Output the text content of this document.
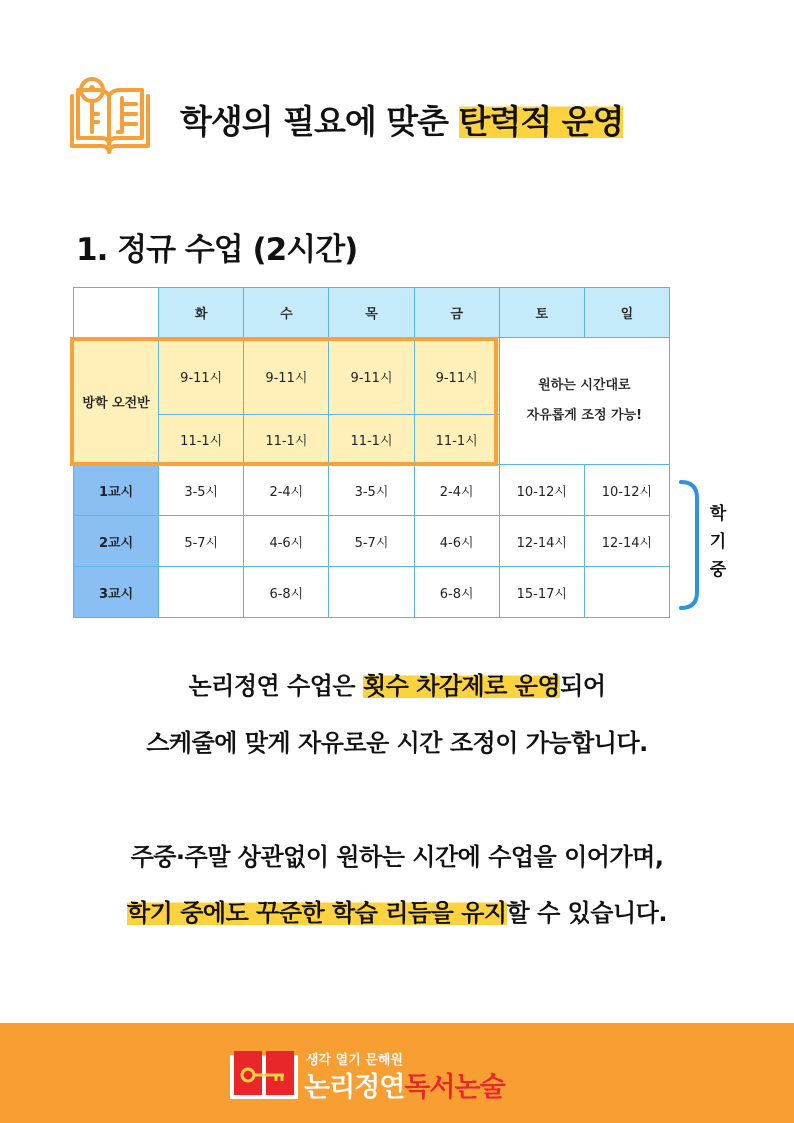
학생의 필요에 맞춘 탄력적 운영
1. 정규 수업 (2시간)
	화	수	목	금	토	일
방학 오전반	9-11시	9-11시	9-11시	9-11시	원하는 시간대로
자유롭게 조정 가능!	

	11-1시	11-1시	11-1시	11-1시		
1교시	3-5시	2-4시	3-5시	2-4시	10-12시	10-12시
2교시	5-7시	4-6시	5-7시	4-6시	12-14시	12-14시
3교시		6-8시		6-8시	15-17시	
학
기
중
논리정연 수업은 횟수 차감제로 운영되어
스케줄에 맞게 자유로운 시간 조정이 가능합니다.
주중·주말 상관없이 원하는 시간에 수업을 이어가며,
학기 중에도 꾸준한 학습 리듬을 유지할 수 있습니다.
생각 열기 문해원
논리정연독서논술
